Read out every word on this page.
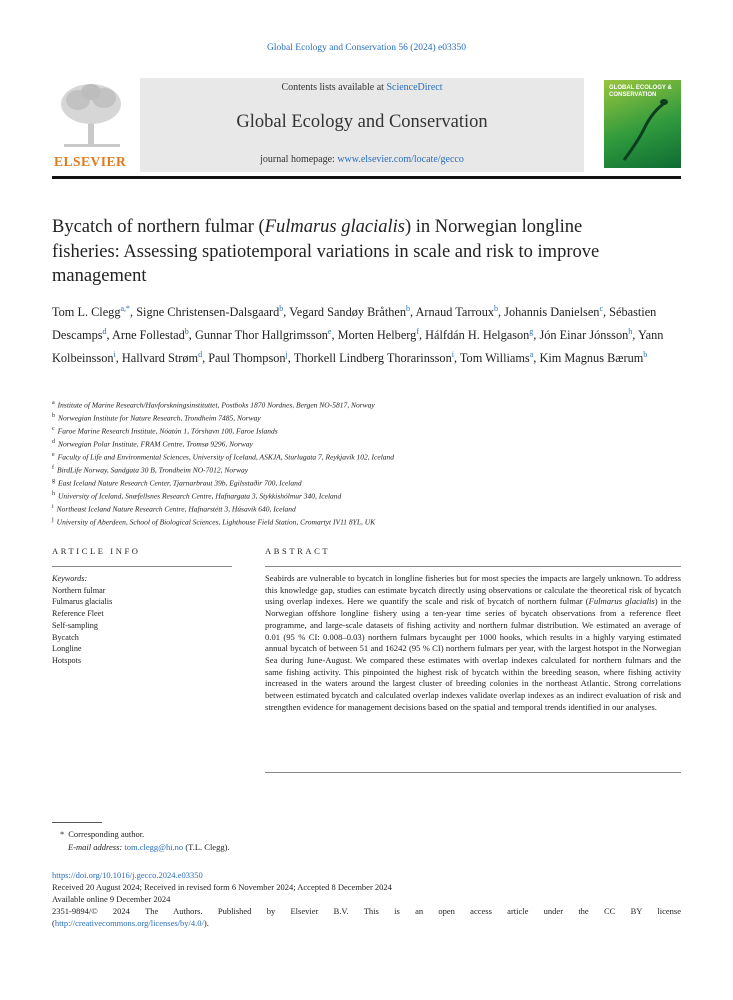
Global Ecology and Conservation 56 (2024) e03350
ELSEVIER
Contents lists available at ScienceDirect
Global Ecology and Conservation
journal homepage: www.elsevier.com/locate/gecco
GLOBAL ECOLOGY & CONSERVATION
Bycatch of northern fulmar (Fulmarus glacialis) in Norwegian longline fisheries: Assessing spatiotemporal variations in scale and risk to improve management
Tom L. Clegg$^{a,*}$, Signe Christensen-Dalsgaard$^b$, Vegard Sandøy Bråthen$^b$, Arnaud Tarroux$^b$, Johannis Danielsen$^c$, Sébastien Descamps$^d$, Arne Follestad$^b$, Gunnar Thor Hallgrimsson$^e$, Morten Helberg$^f$, Hálfdán H. Helgason$^g$, Jón Einar Jónsson$^h$, Yann Kolbeinsson$^i$, Hallvard Strøm$^d$, Paul Thompson$^j$, Thorkell Lindberg Thorarinsson$^i$, Tom Williams$^a$, Kim Magnus Bærum$^b$
$^a$ Institute of Marine Research/Havforskningsinstituttet, Postboks 1870 Nordnes, Bergen NO-5817, Norway
$^b$ Norwegian Institute for Nature Research, Trondheim 7485, Norway
$^c$ Faroe Marine Research Institute, Nóatún 1, Tórshavn 100, Faroe Islands
$^d$ Norwegian Polar Institute, FRAM Centre, Tromsø 9296, Norway
$^e$ Faculty of Life and Environmental Sciences, University of Iceland, ASKJA, Sturlugata 7, Reykjavík 102, Iceland
$^f$ BirdLife Norway, Sandgata 30 B, Trondheim NO-7012, Norway
$^g$ East Iceland Nature Research Center, Tjarnarbraut 39b, Egilsstaðir 700, Iceland
$^h$ University of Iceland, Snæfellsnes Research Centre, Hafnargata 3, Stykkishólmur 340, Iceland
$^i$ Northeast Iceland Nature Research Centre, Hafnarstétt 3, Húsavík 640, Iceland
$^j$ University of Aberdeen, School of Biological Sciences, Lighthouse Field Station, Cromartyt IV11 8YL, UK
ARTICLE INFO	ABSTRACT
Keywords:
Northern fulmar
Fulmarus glacialis
Reference Fleet
Self-sampling
Bycatch
Longline
Hotspots
Seabirds are vulnerable to bycatch in longline fisheries but for most species the impacts are largely unknown. To address this knowledge gap, studies can estimate bycatch directly using observations or calculate the theoretical risk of bycatch using overlap indexes. Here we quantify the scale and risk of bycatch of northern fulmar (Fulmarus glacialis) in the Norwegian offshore longline fishery using a ten-year time series of bycatch observations from a reference fleet programme, and large-scale datasets of fishing activity and northern fulmar distribution. We estimated an average of 0.01 (95 % CI: 0.008–0.03) northern fulmars bycaught per 1000 hooks, which results in a highly varying estimated annual bycatch of between 51 and 16242 (95 % CI) northern fulmars per year, with the largest hotspot in the Norwegian Sea during June-August. We compared these estimates with overlap indexes calculated for northern fulmars and the same fishing activity. This pinpointed the highest risk of bycatch within the breeding season, where fishing activity increased in the waters around the largest cluster of breeding colonies in the northeast Atlantic. Strong correlations between estimated bycatch and calculated overlap indexes validate overlap indexes as an indirect evaluation of risk and strengthen evidence for management decisions based on the spatial and temporal trends identified in our analyses.
* Corresponding author.
E-mail address: tom.clegg@hi.no (T.L. Clegg).
https://doi.org/10.1016/j.gecco.2024.e03350
Received 20 August 2024; Received in revised form 6 November 2024; Accepted 8 December 2024
Available online 9 December 2024
2351-9894/© 2024 The Authors. Published by Elsevier B.V. This is an open access article under the CC BY license
(http://creativecommons.org/licenses/by/4.0/).
